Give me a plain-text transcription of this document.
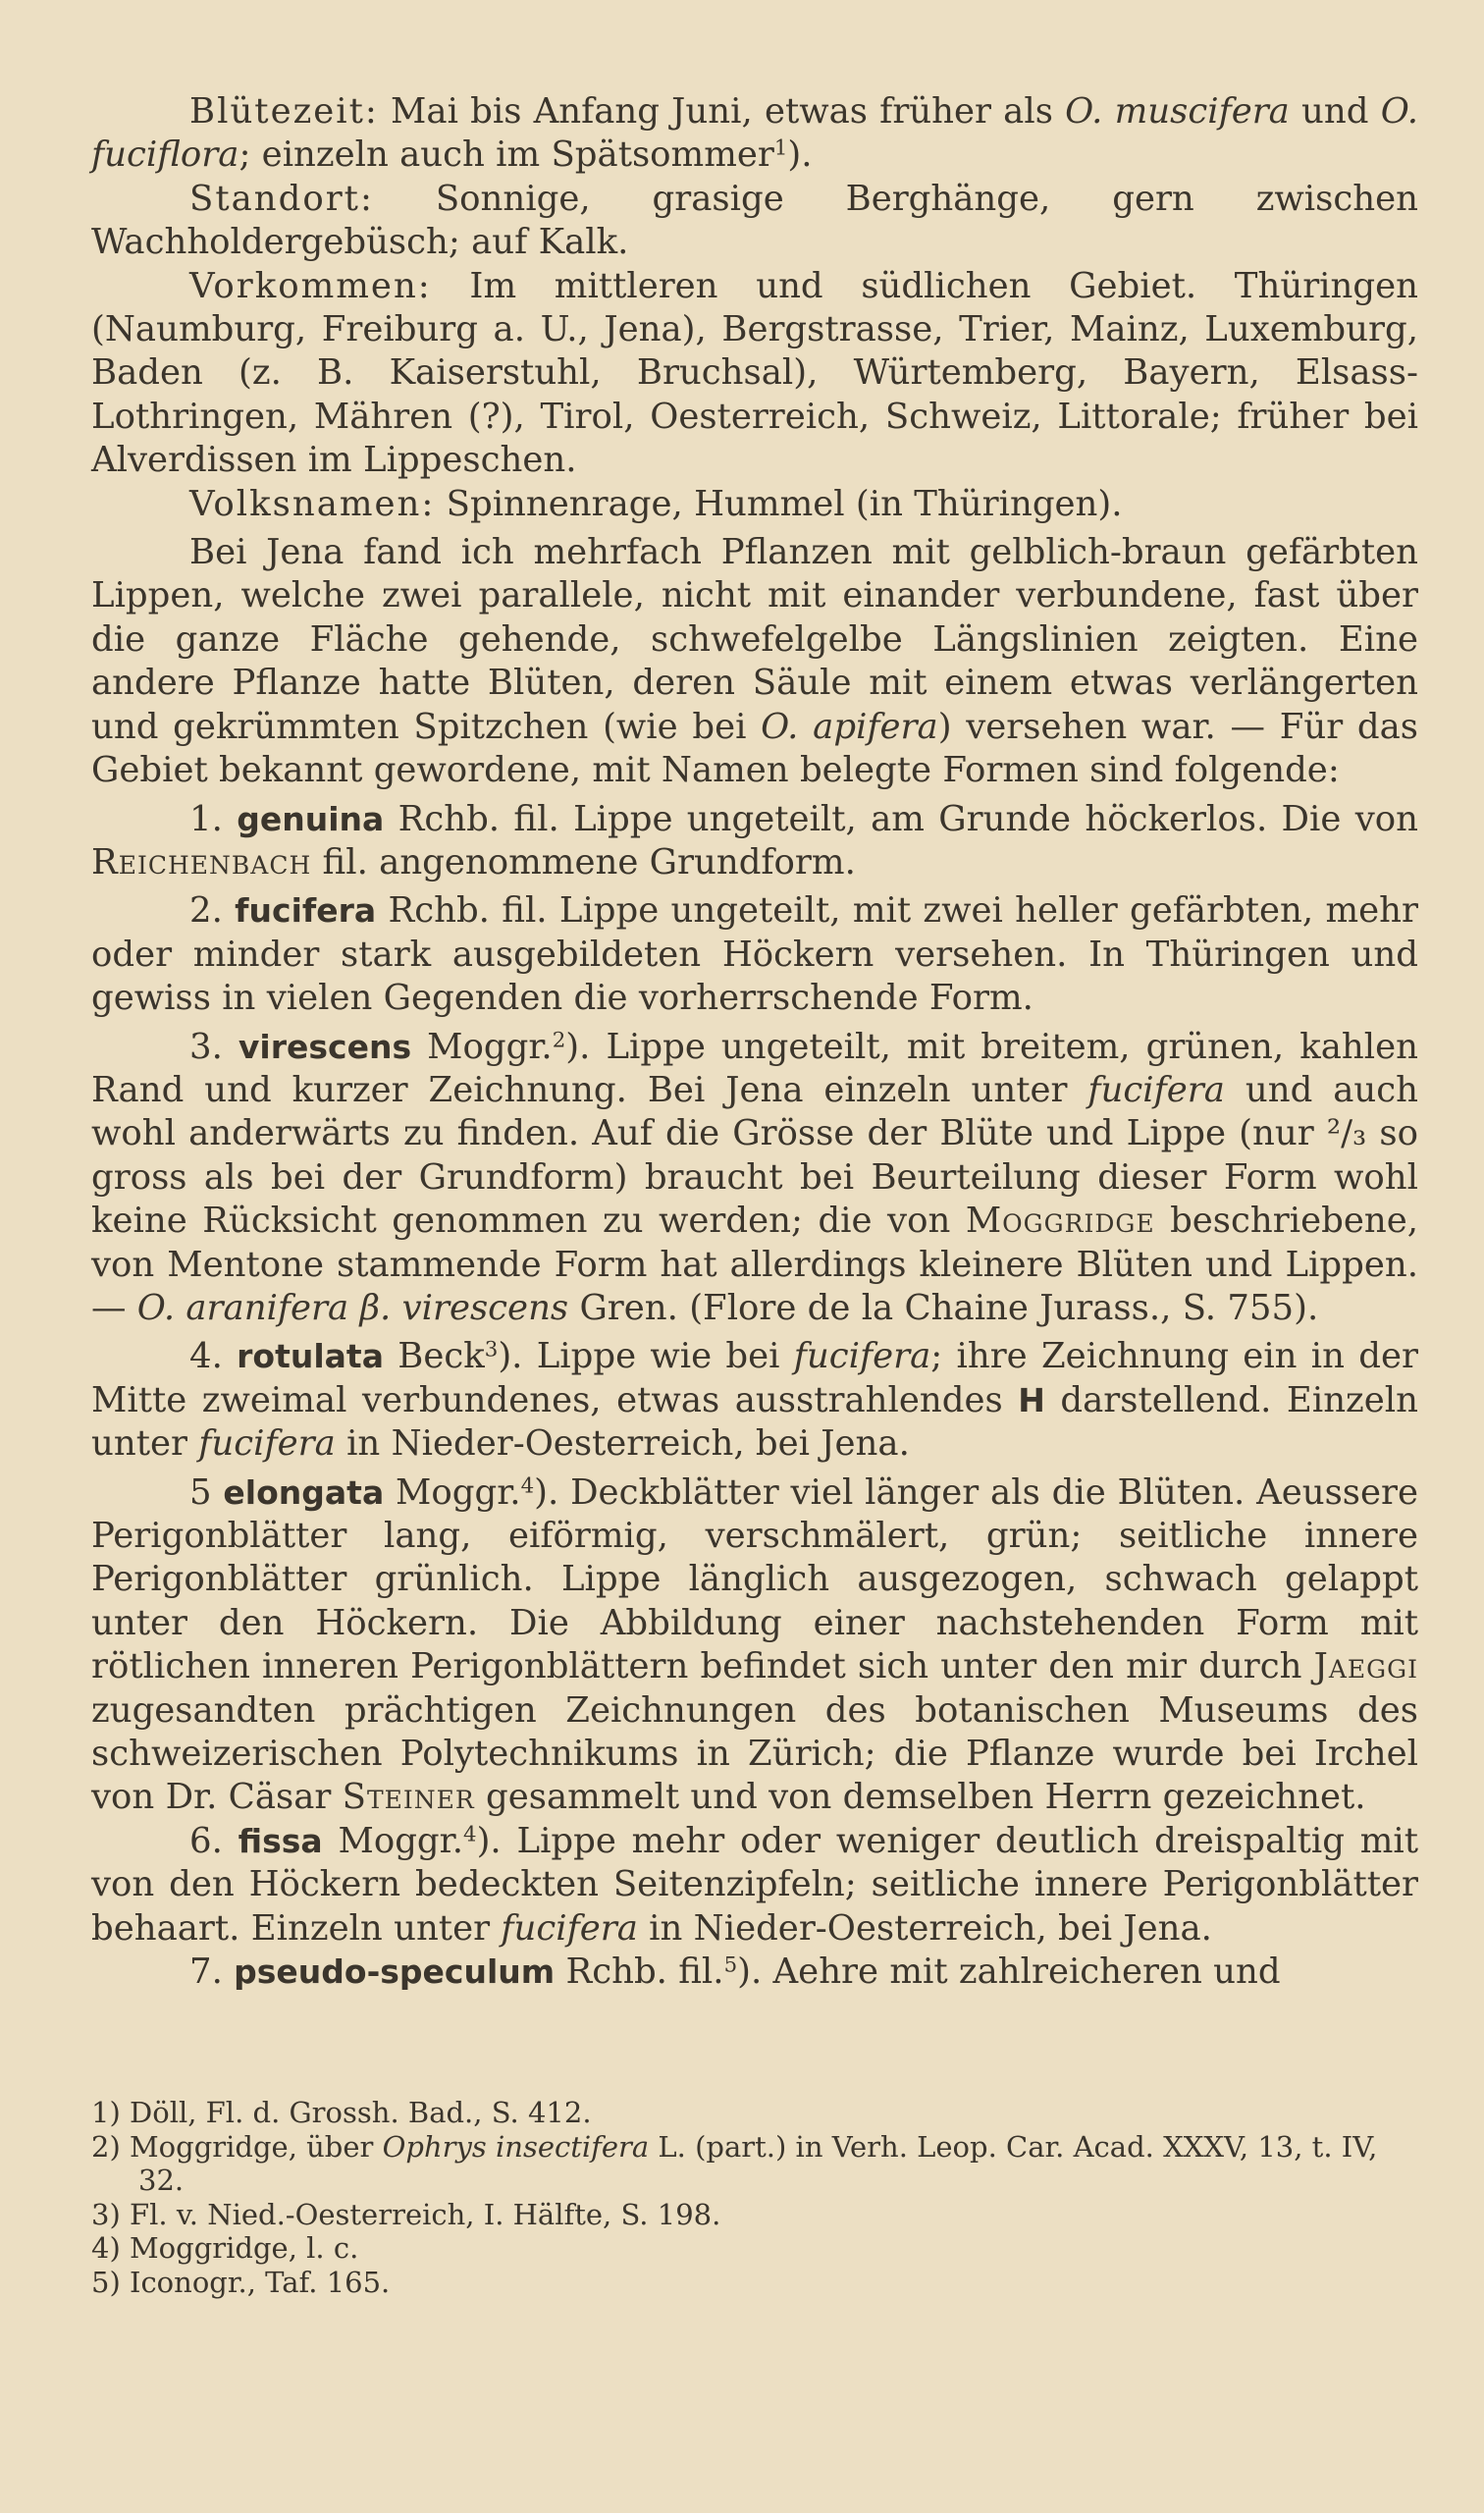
Blütezeit: Mai bis Anfang Juni, etwas früher als O. muscifera und O. fuciflora; einzeln auch im Spätsommer$^1$).

Standort: Sonnige, grasige Berghänge, gern zwischen Wachholdergebüsch; auf Kalk.

Vorkommen: Im mittleren und südlichen Gebiet. Thüringen (Naumburg, Freiburg a. U., Jena), Bergstrasse, Trier, Mainz, Luxemburg, Baden (z. B. Kaiserstuhl, Bruchsal), Würtemberg, Bayern, Elsass-Lothringen, Mähren (?), Tirol, Oesterreich, Schweiz, Littorale; früher bei Alverdissen im Lippeschen.

Volksnamen: Spinnenrage, Hummel (in Thüringen).

Bei Jena fand ich mehrfach Pflanzen mit gelblich-braun gefärbten Lippen, welche zwei parallele, nicht mit einander verbundene, fast über die ganze Fläche gehende, schwefelgelbe Längslinien zeigten. Eine andere Pflanze hatte Blüten, deren Säule mit einem etwas verlängerten und gekrümmten Spitzchen (wie bei O. apifera) versehen war. — Für das Gebiet bekannt gewordene, mit Namen belegte Formen sind folgende:

1. genuina Rchb. fil. Lippe ungeteilt, am Grunde höckerlos. Die von Reichenbach fil. angenommene Grundform.

2. fucifera Rchb. fil. Lippe ungeteilt, mit zwei heller gefärbten, mehr oder minder stark ausgebildeten Höckern versehen. In Thüringen und gewiss in vielen Gegenden die vorherrschende Form.

3. virescens Moggr.$^2$). Lippe ungeteilt, mit breitem, grünen, kahlen Rand und kurzer Zeichnung. Bei Jena einzeln unter fucifera und auch wohl anderwärts zu finden. Auf die Grösse der Blüte und Lippe (nur ²/₃ so gross als bei der Grundform) braucht bei Beurteilung dieser Form wohl keine Rücksicht genommen zu werden; die von Moggridge beschriebene, von Mentone stammende Form hat allerdings kleinere Blüten und Lippen. — O. aranifera β. virescens Gren. (Flore de la Chaine Jurass., S. 755).

4. rotulata Beck$^3$). Lippe wie bei fucifera; ihre Zeichnung ein in der Mitte zweimal verbundenes, etwas ausstrahlendes H darstellend. Einzeln unter fucifera in Nieder-Oesterreich, bei Jena.

5 elongata Moggr.$^4$). Deckblätter viel länger als die Blüten. Aeussere Perigonblätter lang, eiförmig, verschmälert, grün; seitliche innere Perigonblätter grünlich. Lippe länglich ausgezogen, schwach gelappt unter den Höckern. Die Abbildung einer nachstehenden Form mit rötlichen inneren Perigonblättern befindet sich unter den mir durch Jaeggi zugesandten prächtigen Zeichnungen des botanischen Museums des schweizerischen Polytechnikums in Zürich; die Pflanze wurde bei Irchel von Dr. Cäsar Steiner gesammelt und von demselben Herrn gezeichnet.

6. fissa Moggr.$^4$). Lippe mehr oder weniger deutlich dreispaltig mit von den Höckern bedeckten Seitenzipfeln; seitliche innere Perigonblätter behaart. Einzeln unter fucifera in Nieder-Oesterreich, bei Jena.

7. pseudo-speculum Rchb. fil.$^5$). Aehre mit zahlreicheren und

1) Döll, Fl. d. Grossh. Bad., S. 412.

2) Moggridge, über Ophrys insectifera L. (part.) in Verh. Leop. Car. Acad. XXXV, 13, t. IV, 32.

3) Fl. v. Nied.-Oesterreich, I. Hälfte, S. 198.

4) Moggridge, l. c.

5) Iconogr., Taf. 165.
